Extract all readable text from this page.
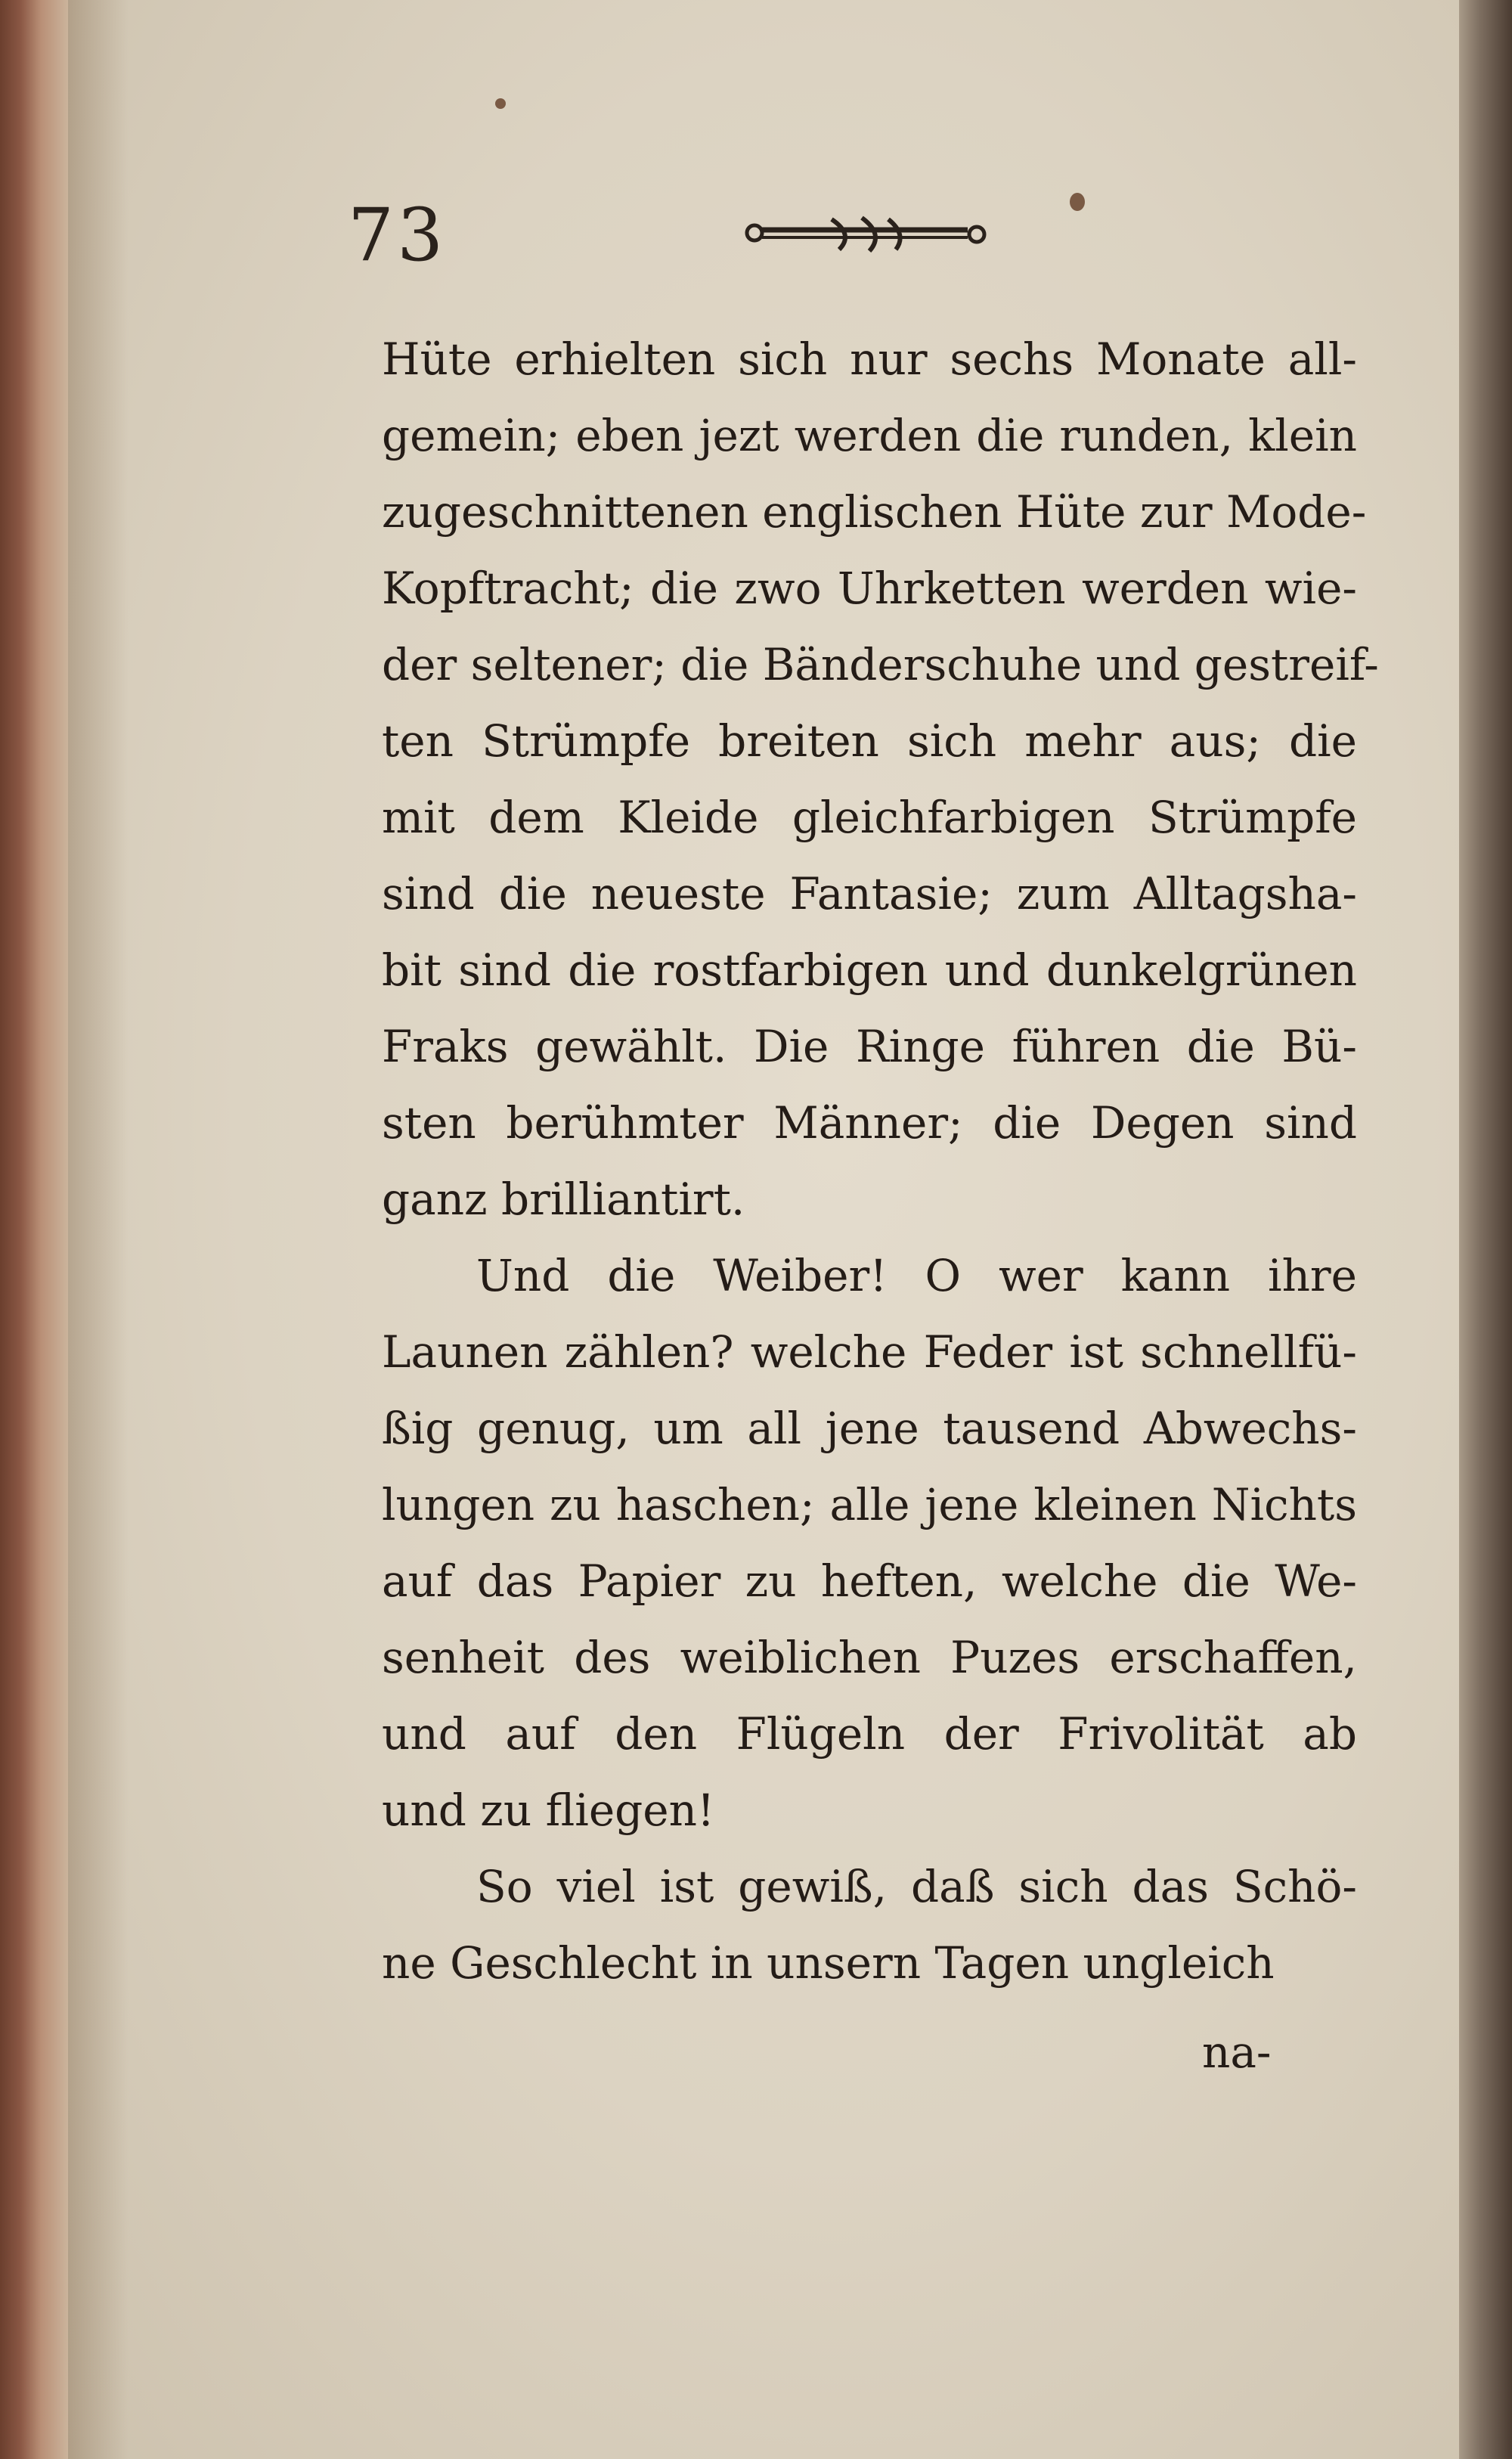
73
Hüte erhielten sich nur sechs Monate all-
gemein; eben jezt werden die runden, klein
zugeschnittenen englischen Hüte zur Mode-
Kopftracht; die zwo Uhrketten werden wie-
der seltener; die Bänderschuhe und gestreif-
ten Strümpfe breiten sich mehr aus; die
mit dem Kleide gleichfarbigen Strümpfe
sind die neueste Fantasie; zum Alltagsha-
bit sind die rostfarbigen und dunkelgrünen
Fraks gewählt. Die Ringe führen die Bü-
sten berühmter Männer; die Degen sind
ganz brilliantirt.
Und die Weiber! O wer kann ihre
Launen zählen? welche Feder ist schnellfü-
ßig genug, um all jene tausend Abwechs-
lungen zu haschen; alle jene kleinen Nichts
auf das Papier zu heften, welche die We-
senheit des weiblichen Puzes erschaffen,
und auf den Flügeln der Frivolität ab
und zu fliegen!
So viel ist gewiß, daß sich das Schö-
ne Geschlecht in unsern Tagen ungleich
na-
